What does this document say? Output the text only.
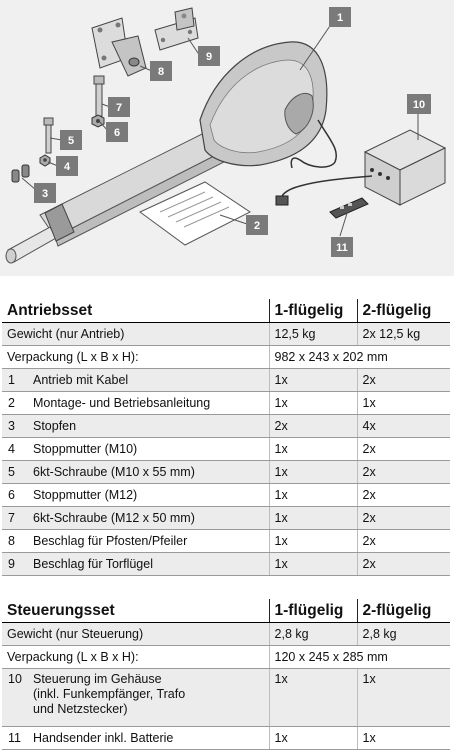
1
2
3
4
5
6
7
8
9
10
11
Antriebsset		1-flügelig	2-flügelig
Gewicht (nur Antrieb)		12,5 kg	2x 12,5 kg
Verpackung (L x B x H):		982 x 243 x 202 mm	
1	Antrieb mit Kabel	1x	2x
2	Montage- und Betriebsanleitung	1x	1x
3	Stopfen	2x	4x
4	Stoppmutter (M10)	1x	2x
5	6kt-Schraube (M10 x 55 mm)	1x	2x
6	Stoppmutter (M12)	1x	2x
7	6kt-Schraube (M12 x 50 mm)	1x	2x
8	Beschlag für Pfosten/Pfeiler	1x	2x
9	Beschlag für Torflügel	1x	2x
Steuerungsset		1-flügelig	2-flügelig
Gewicht (nur Steuerung)		2,8 kg	2,8 kg
Verpackung (L x B x H):		120 x 245 x 285 mm	
10	Steuerung im Gehäuse
(inkl. Funkempfänger, Trafo
und Netzstecker)	1x	1x
11	Handsender inkl. Batterie	1x	1x
